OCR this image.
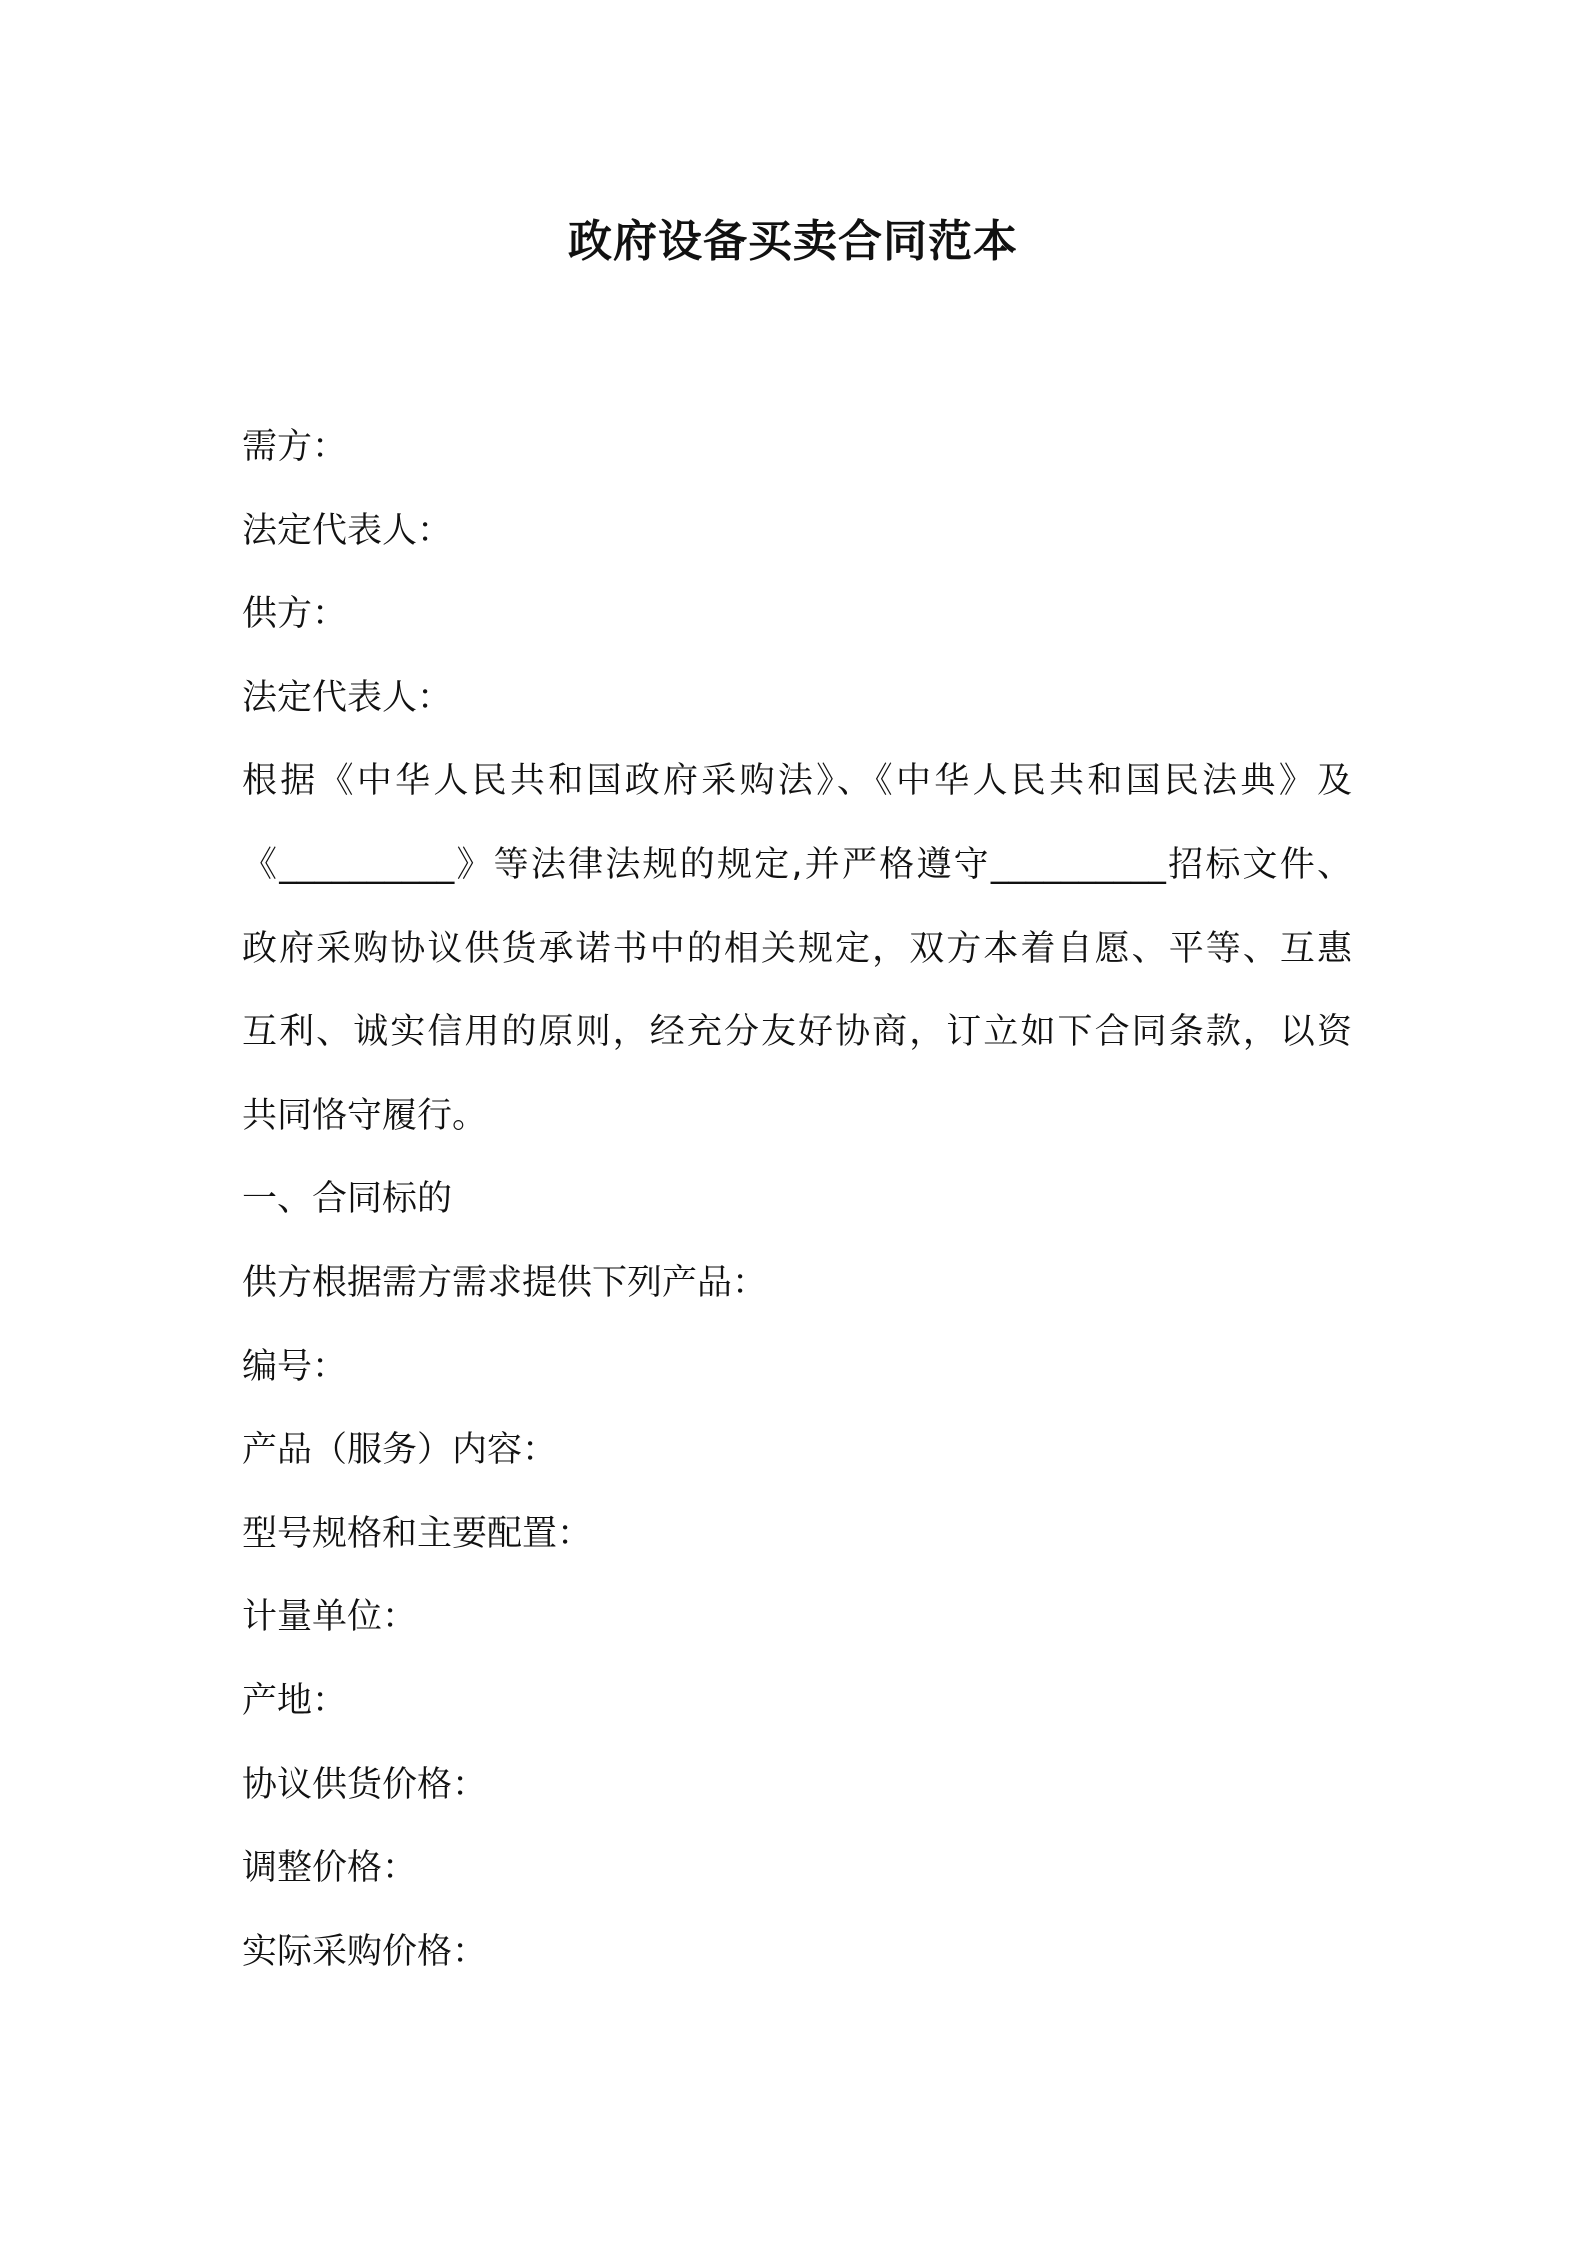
政府设备买卖合同范本

需方：

法定代表人：

供方：

法定代表人：

根据《中华人民共和国政府采购法》、《中华人民共和国民法典》及
《__________》等法律法规的规定,并严格遵守__________招标文件、
政府采购协议供货承诺书中的相关规定，双方本着自愿、平等、互惠
互利、诚实信用的原则，经充分友好协商，订立如下合同条款，以资
共同恪守履行。

一、合同标的

供方根据需方需求提供下列产品：

编号：

产品（服务）内容：

型号规格和主要配置：

计量单位：

产地：

协议供货价格：

调整价格：

实际采购价格：
